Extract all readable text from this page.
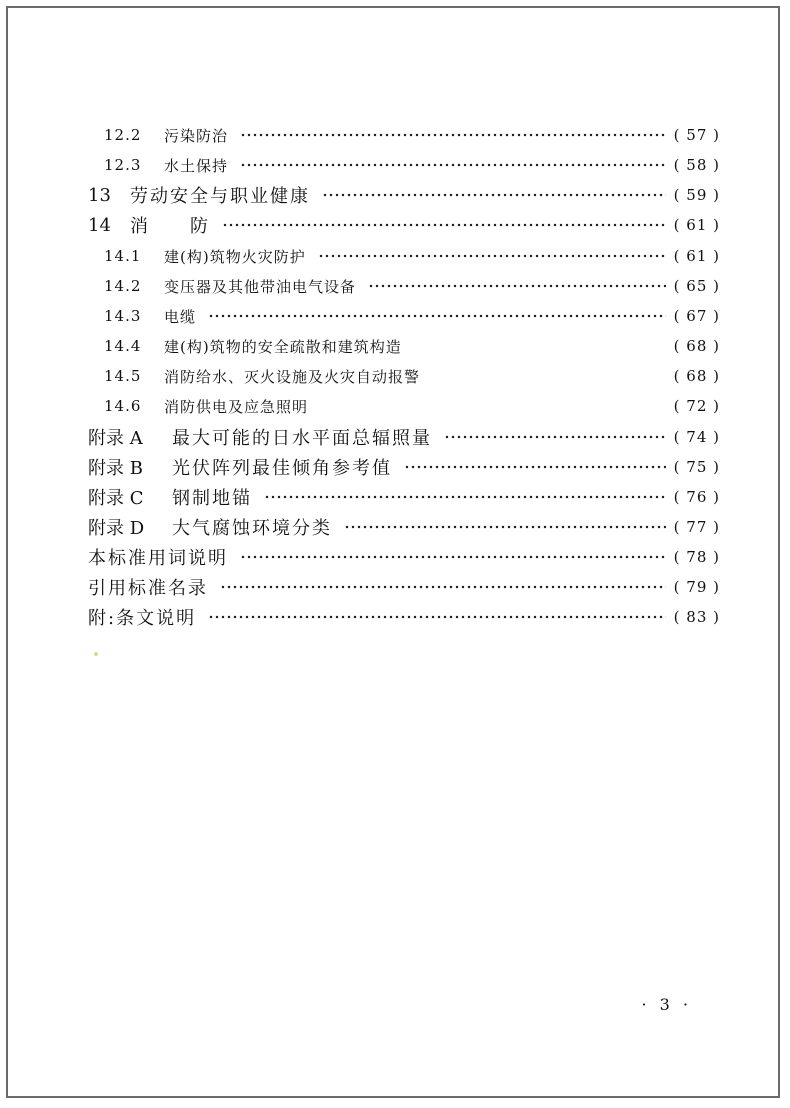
12.2	污染防治	( 57 )
12.3	水土保持	( 58 )
13	劳动安全与职业健康	( 59 )
14	消　　防	( 61 )
14.1	建(构)筑物火灾防护	( 61 )
14.2	变压器及其他带油电气设备	( 65 )
14.3	电缆	( 67 )
14.4	建(构)筑物的安全疏散和建筑构造	( 68 )
14.5	消防给水、灭火设施及火灾自动报警	( 68 )
14.6	消防供电及应急照明	( 72 )
附录 A	最大可能的日水平面总辐照量	( 74 )
附录 B	光伏阵列最佳倾角参考值	( 75 )
附录 C	钢制地锚	( 76 )
附录 D	大气腐蚀环境分类	( 77 )
本标准用词说明	( 78 )
引用标准名录	( 79 )
附:条文说明	( 83 )
· 3 ·
